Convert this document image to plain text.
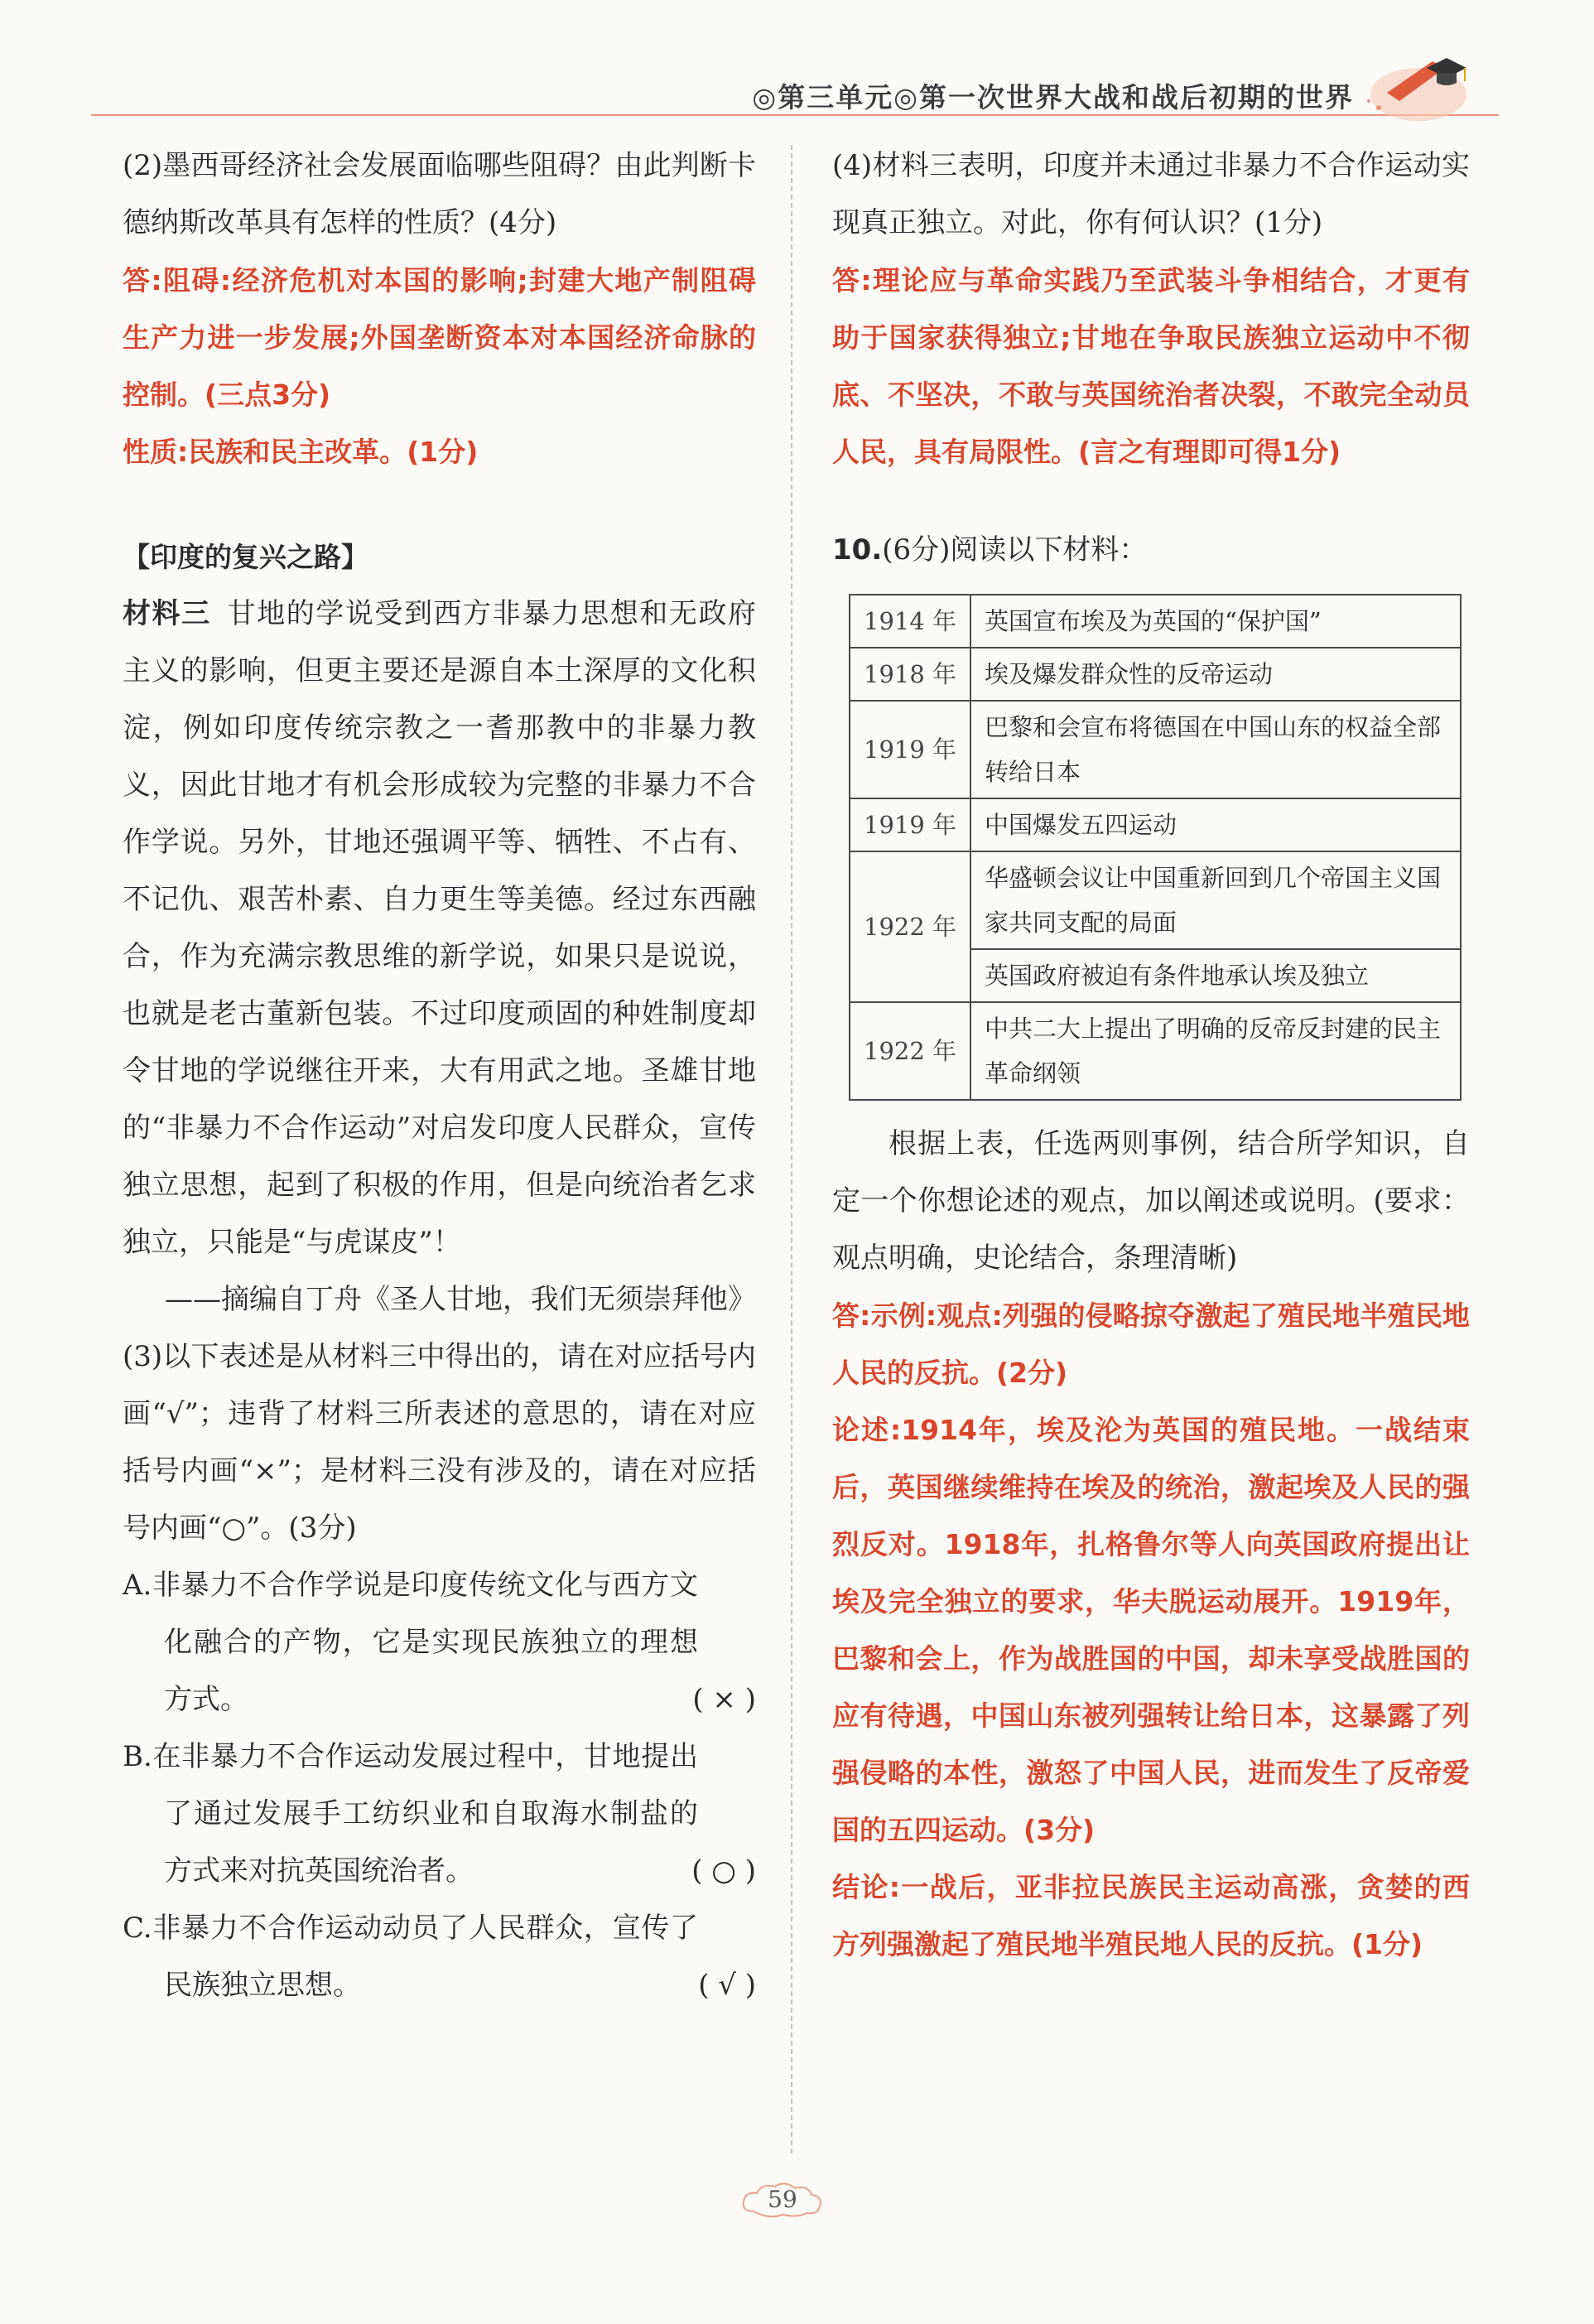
◎第三单元◎第一次世界大战和战后初期的世界

(2)墨西哥经济社会发展面临哪些阻碍？由此判断卡德纳斯改革具有怎样的性质？(4分)

答:阻碍:经济危机对本国的影响;封建大地产制阻碍生产力进一步发展;外国垄断资本对本国经济命脉的控制。(三点3分)

性质:民族和民主改革。(1分)

【印度的复兴之路】

材料三 甘地的学说受到西方非暴力思想和无政府主义的影响，但更主要还是源自本土深厚的文化积淀，例如印度传统宗教之一耆那教中的非暴力教义，因此甘地才有机会形成较为完整的非暴力不合作学说。另外，甘地还强调平等、牺牲、不占有、不记仇、艰苦朴素、自力更生等美德。经过东西融合，作为充满宗教思维的新学说，如果只是说说，也就是老古董新包装。不过印度顽固的种姓制度却令甘地的学说继往开来，大有用武之地。圣雄甘地的“非暴力不合作运动”对启发印度人民群众，宣传独立思想，起到了积极的作用，但是向统治者乞求独立，只能是“与虎谋皮”！

——摘编自丁舟《圣人甘地，我们无须崇拜他》

(3)以下表述是从材料三中得出的，请在对应括号内画“√”；违背了材料三所表述的意思的，请在对应括号内画“×”；是材料三没有涉及的，请在对应括号内画“○”。(3分)

A.非暴力不合作学说是印度传统文化与西方文化融合的产物，它是实现民族独立的理想方式。	( × )

B.在非暴力不合作运动发展过程中，甘地提出了通过发展手工纺织业和自取海水制盐的方式来对抗英国统治者。	( ○ )

C.非暴力不合作运动动员了人民群众，宣传了民族独立思想。	( √ )

(4)材料三表明，印度并未通过非暴力不合作运动实现真正独立。对此，你有何认识？(1分)

答:理论应与革命实践乃至武装斗争相结合，才更有助于国家获得独立;甘地在争取民族独立运动中不彻底、不坚决，不敢与英国统治者决裂，不敢完全动员人民，具有局限性。(言之有理即可得1分)

10.(6分)阅读以下材料：

1914 年	英国宣布埃及为英国的“保护国”
1918 年	埃及爆发群众性的反帝运动
1919 年	巴黎和会宣布将德国在中国山东的权益全部转给日本
1919 年	中国爆发五四运动
1922 年	华盛顿会议让中国重新回到几个帝国主义国家共同支配的局面
	英国政府被迫有条件地承认埃及独立
1922 年	中共二大上提出了明确的反帝反封建的民主革命纲领

根据上表，任选两则事例，结合所学知识，自定一个你想论述的观点，加以阐述或说明。(要求：观点明确，史论结合，条理清晰)

答:示例:观点:列强的侵略掠夺激起了殖民地半殖民地人民的反抗。(2分)

论述:1914年，埃及沦为英国的殖民地。一战结束后，英国继续维持在埃及的统治，激起埃及人民的强烈反对。1918年，扎格鲁尔等人向英国政府提出让埃及完全独立的要求，华夫脱运动展开。1919年，巴黎和会上，作为战胜国的中国，却未享受战胜国的应有待遇，中国山东被列强转让给日本，这暴露了列强侵略的本性，激怒了中国人民，进而发生了反帝爱国的五四运动。(3分)

结论:一战后，亚非拉民族民主运动高涨，贪婪的西方列强激起了殖民地半殖民地人民的反抗。(1分)

59
